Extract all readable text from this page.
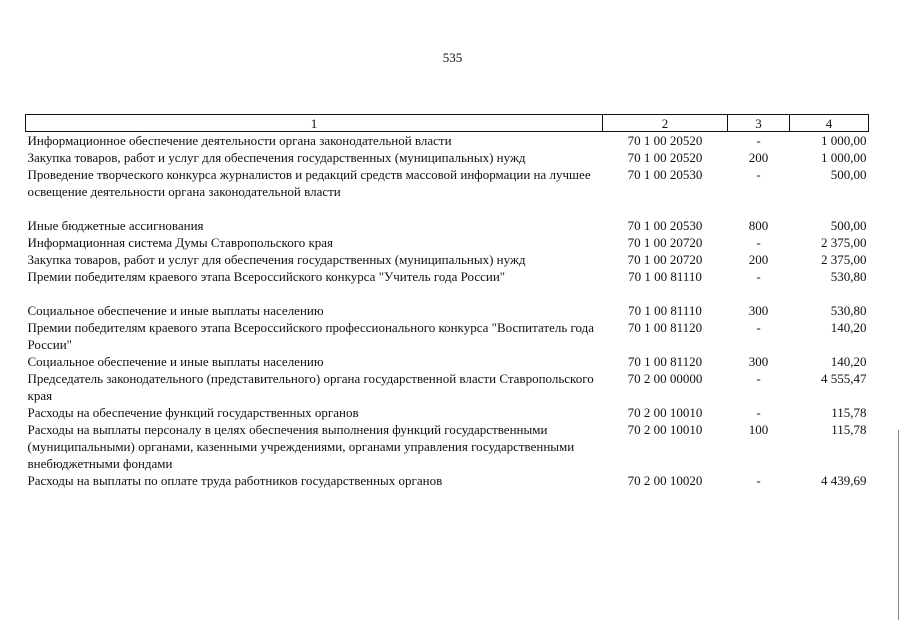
535
1	2	3	4
Информационное обеспечение деятельности органа законодательной власти	70 1 00 20520	-	1 000,00
Закупка товаров, работ и услуг для обеспечения государственных (муниципальных) нужд	70 1 00 20520	200	1 000,00
Проведение творческого конкурса журналистов и редакций средств массовой информации на лучшее освещение деятельности органа законодательной власти	70 1 00 20530	-	500,00
Иные бюджетные ассигнования	70 1 00 20530	800	500,00
Информационная система Думы Ставропольского края	70 1 00 20720	-	2 375,00
Закупка товаров, работ и услуг для обеспечения государственных (муниципальных) нужд	70 1 00 20720	200	2 375,00
Премии победителям краевого этапа Всероссийского конкурса "Учитель года России"	70 1 00 81110	-	530,80
Социальное обеспечение и иные выплаты населению	70 1 00 81110	300	530,80
Премии победителям краевого этапа Всероссийского профессионального конкурса "Воспитатель года России"	70 1 00 81120	-	140,20
Социальное обеспечение и иные выплаты населению	70 1 00 81120	300	140,20
Председатель законодательного (представительного) органа государственной власти Ставропольского края	70 2 00 00000	-	4 555,47
Расходы на обеспечение функций государственных органов	70 2 00 10010	-	115,78
Расходы на выплаты персоналу в целях обеспечения выполнения функций государственными (муниципальными) органами, казенными учреждениями, органами управления государственными внебюджетными фондами	70 2 00 10010	100	115,78
Расходы на выплаты по оплате труда работников государственных органов	70 2 00 10020	-	4 439,69
